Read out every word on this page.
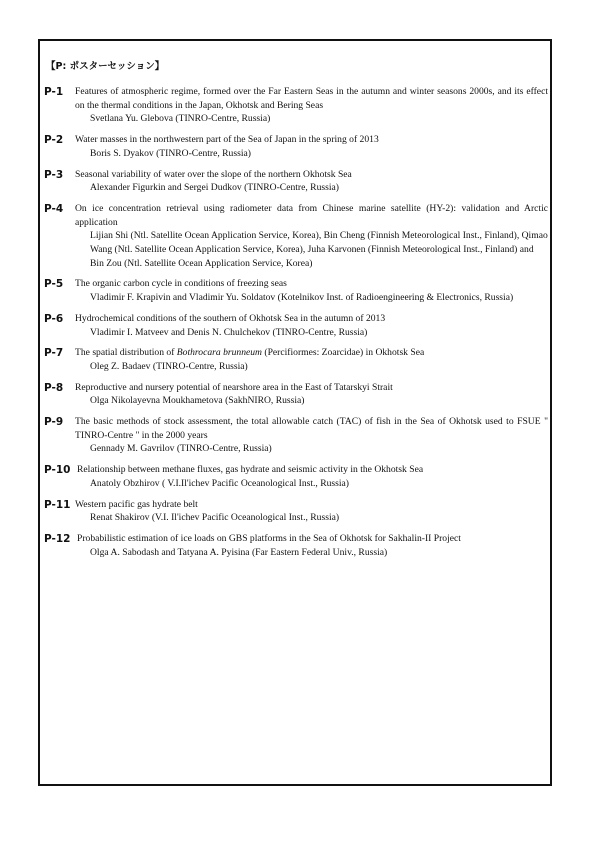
【P: ポスターセッション】
P-1 Features of atmospheric regime, formed over the Far Eastern Seas in the autumn and winter seasons 2000s, and its effect on the thermal conditions in the Japan, Okhotsk and Bering Seas
Svetlana Yu. Glebova (TINRO-Centre, Russia)
P-2 Water masses in the northwestern part of the Sea of Japan in the spring of 2013
Boris S. Dyakov (TINRO-Centre, Russia)
P-3 Seasonal variability of water over the slope of the northern Okhotsk Sea
Alexander Figurkin and Sergei Dudkov (TINRO-Centre, Russia)
P-4 On ice concentration retrieval using radiometer data from Chinese marine satellite (HY-2): validation and Arctic application
Lijian Shi (Ntl. Satellite Ocean Application Service, Korea), Bin Cheng (Finnish Meteorological Inst., Finland), Qimao Wang (Ntl. Satellite Ocean Application Service, Korea), Juha Karvonen (Finnish Meteorological Inst., Finland) and Bin Zou (Ntl. Satellite Ocean Application Service, Korea)
P-5 The organic carbon cycle in conditions of freezing seas
Vladimir F. Krapivin and Vladimir Yu. Soldatov (Kotelnikov Inst. of Radioengineering & Electronics, Russia)
P-6 Hydrochemical conditions of the southern of Okhotsk Sea in the autumn of 2013
Vladimir I. Matveev and Denis N. Chulchekov (TINRO-Centre, Russia)
P-7 The spatial distribution of Bothrocara brunneum (Percifiormes: Zoarcidae) in Okhotsk Sea
Oleg Z. Badaev (TINRO-Centre, Russia)
P-8 Reproductive and nursery potential of nearshore area in the East of Tatarskyi Strait
Olga Nikolayevna Moukhametova (SakhNIRO, Russia)
P-9 The basic methods of stock assessment, the total allowable catch (TAC) of fish in the Sea of Okhotsk used to FSUE " TINRO-Centre " in the 2000 years
Gennady M. Gavrilov (TINRO-Centre, Russia)
P-10 Relationship between methane fluxes, gas hydrate and seismic activity in the Okhotsk Sea
Anatoly Obzhirov ( V.I.Il'ichev Pacific Oceanological Inst., Russia)
P-11 Western pacific gas hydrate belt
Renat Shakirov (V.I. Il'ichev Pacific Oceanological Inst., Russia)
P-12 Probabilistic estimation of ice loads on GBS platforms in the Sea of Okhotsk for Sakhalin-II Project
Olga A. Sabodash and Tatyana A. Pyisina (Far Eastern Federal Univ., Russia)
